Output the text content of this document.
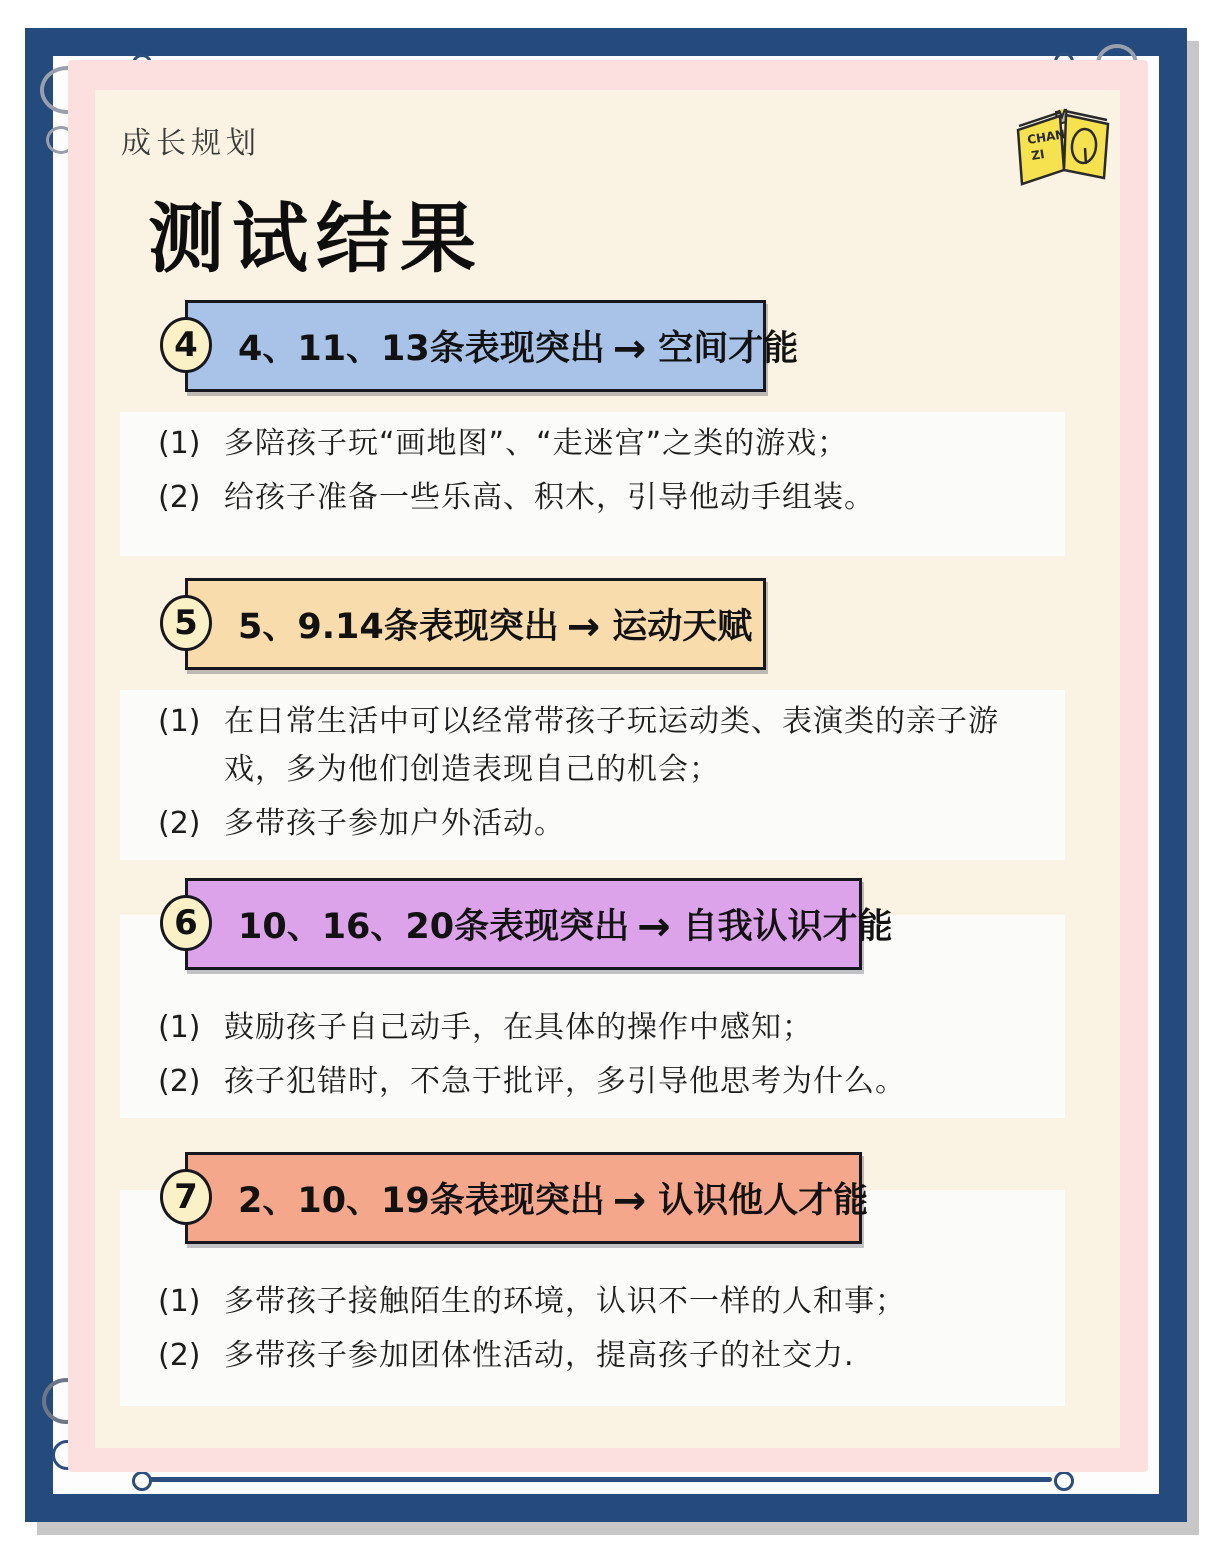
成长规划
测试结果
CHAN
ZI
4	4、11、13条表现突出 → 空间才能
5	5、9.14条表现突出 → 运动天赋
6	10、16、20条表现突出 → 自我认识才能
7	2、10、19条表现突出 → 认识他人才能
(1) 多陪孩子玩“画地图”、“走迷宫”之类的游戏；
(2) 给孩子准备一些乐高、积木，引导他动手组装。
(1) 在日常生活中可以经常带孩子玩运动类、表演类的亲子游戏，多为他们创造表现自己的机会；
(2) 多带孩子参加户外活动。
(1) 鼓励孩子自己动手，在具体的操作中感知；
(2) 孩子犯错时，不急于批评，多引导他思考为什么。
(1) 多带孩子接触陌生的环境，认识不一样的人和事；
(2) 多带孩子参加团体性活动，提高孩子的社交力.
